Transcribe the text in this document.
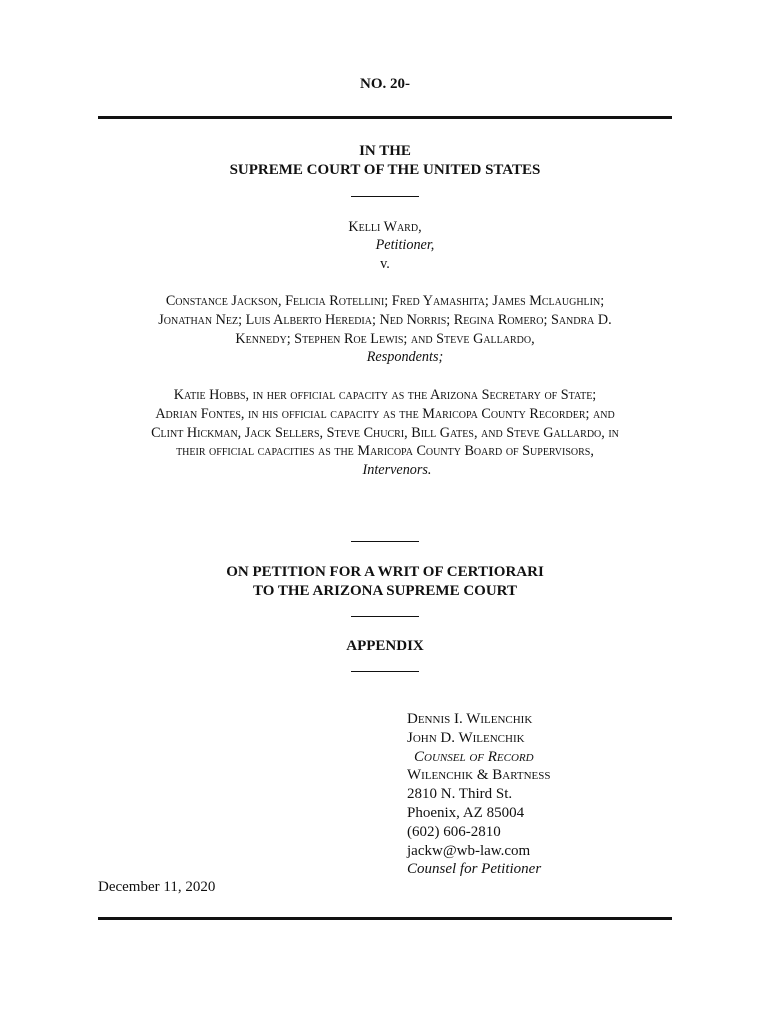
NO. 20-
IN THE
SUPREME COURT OF THE UNITED STATES
Kelli Ward,
Petitioner,
v.
Constance Jackson, Felicia Rotellini; Fred Yamashita; James Mclaughlin;
Jonathan Nez; Luis Alberto Heredia; Ned Norris; Regina Romero; Sandra D.
Kennedy; Stephen Roe Lewis; and Steve Gallardo,
Respondents;
Katie Hobbs, in her official capacity as the Arizona Secretary of State;
Adrian Fontes, in his official capacity as the Maricopa County Recorder; and
Clint Hickman, Jack Sellers, Steve Chucri, Bill Gates, and Steve Gallardo, in
their official capacities as the Maricopa County Board of Supervisors,
Intervenors.
ON PETITION FOR A WRIT OF CERTIORARI
TO THE ARIZONA SUPREME COURT
APPENDIX
Dennis I. Wilenchik
John D. Wilenchik
Counsel of Record
Wilenchik & Bartness
2810 N. Third St.
Phoenix, AZ 85004
(602) 606-2810
jackw@wb-law.com
Counsel for Petitioner
December 11, 2020
